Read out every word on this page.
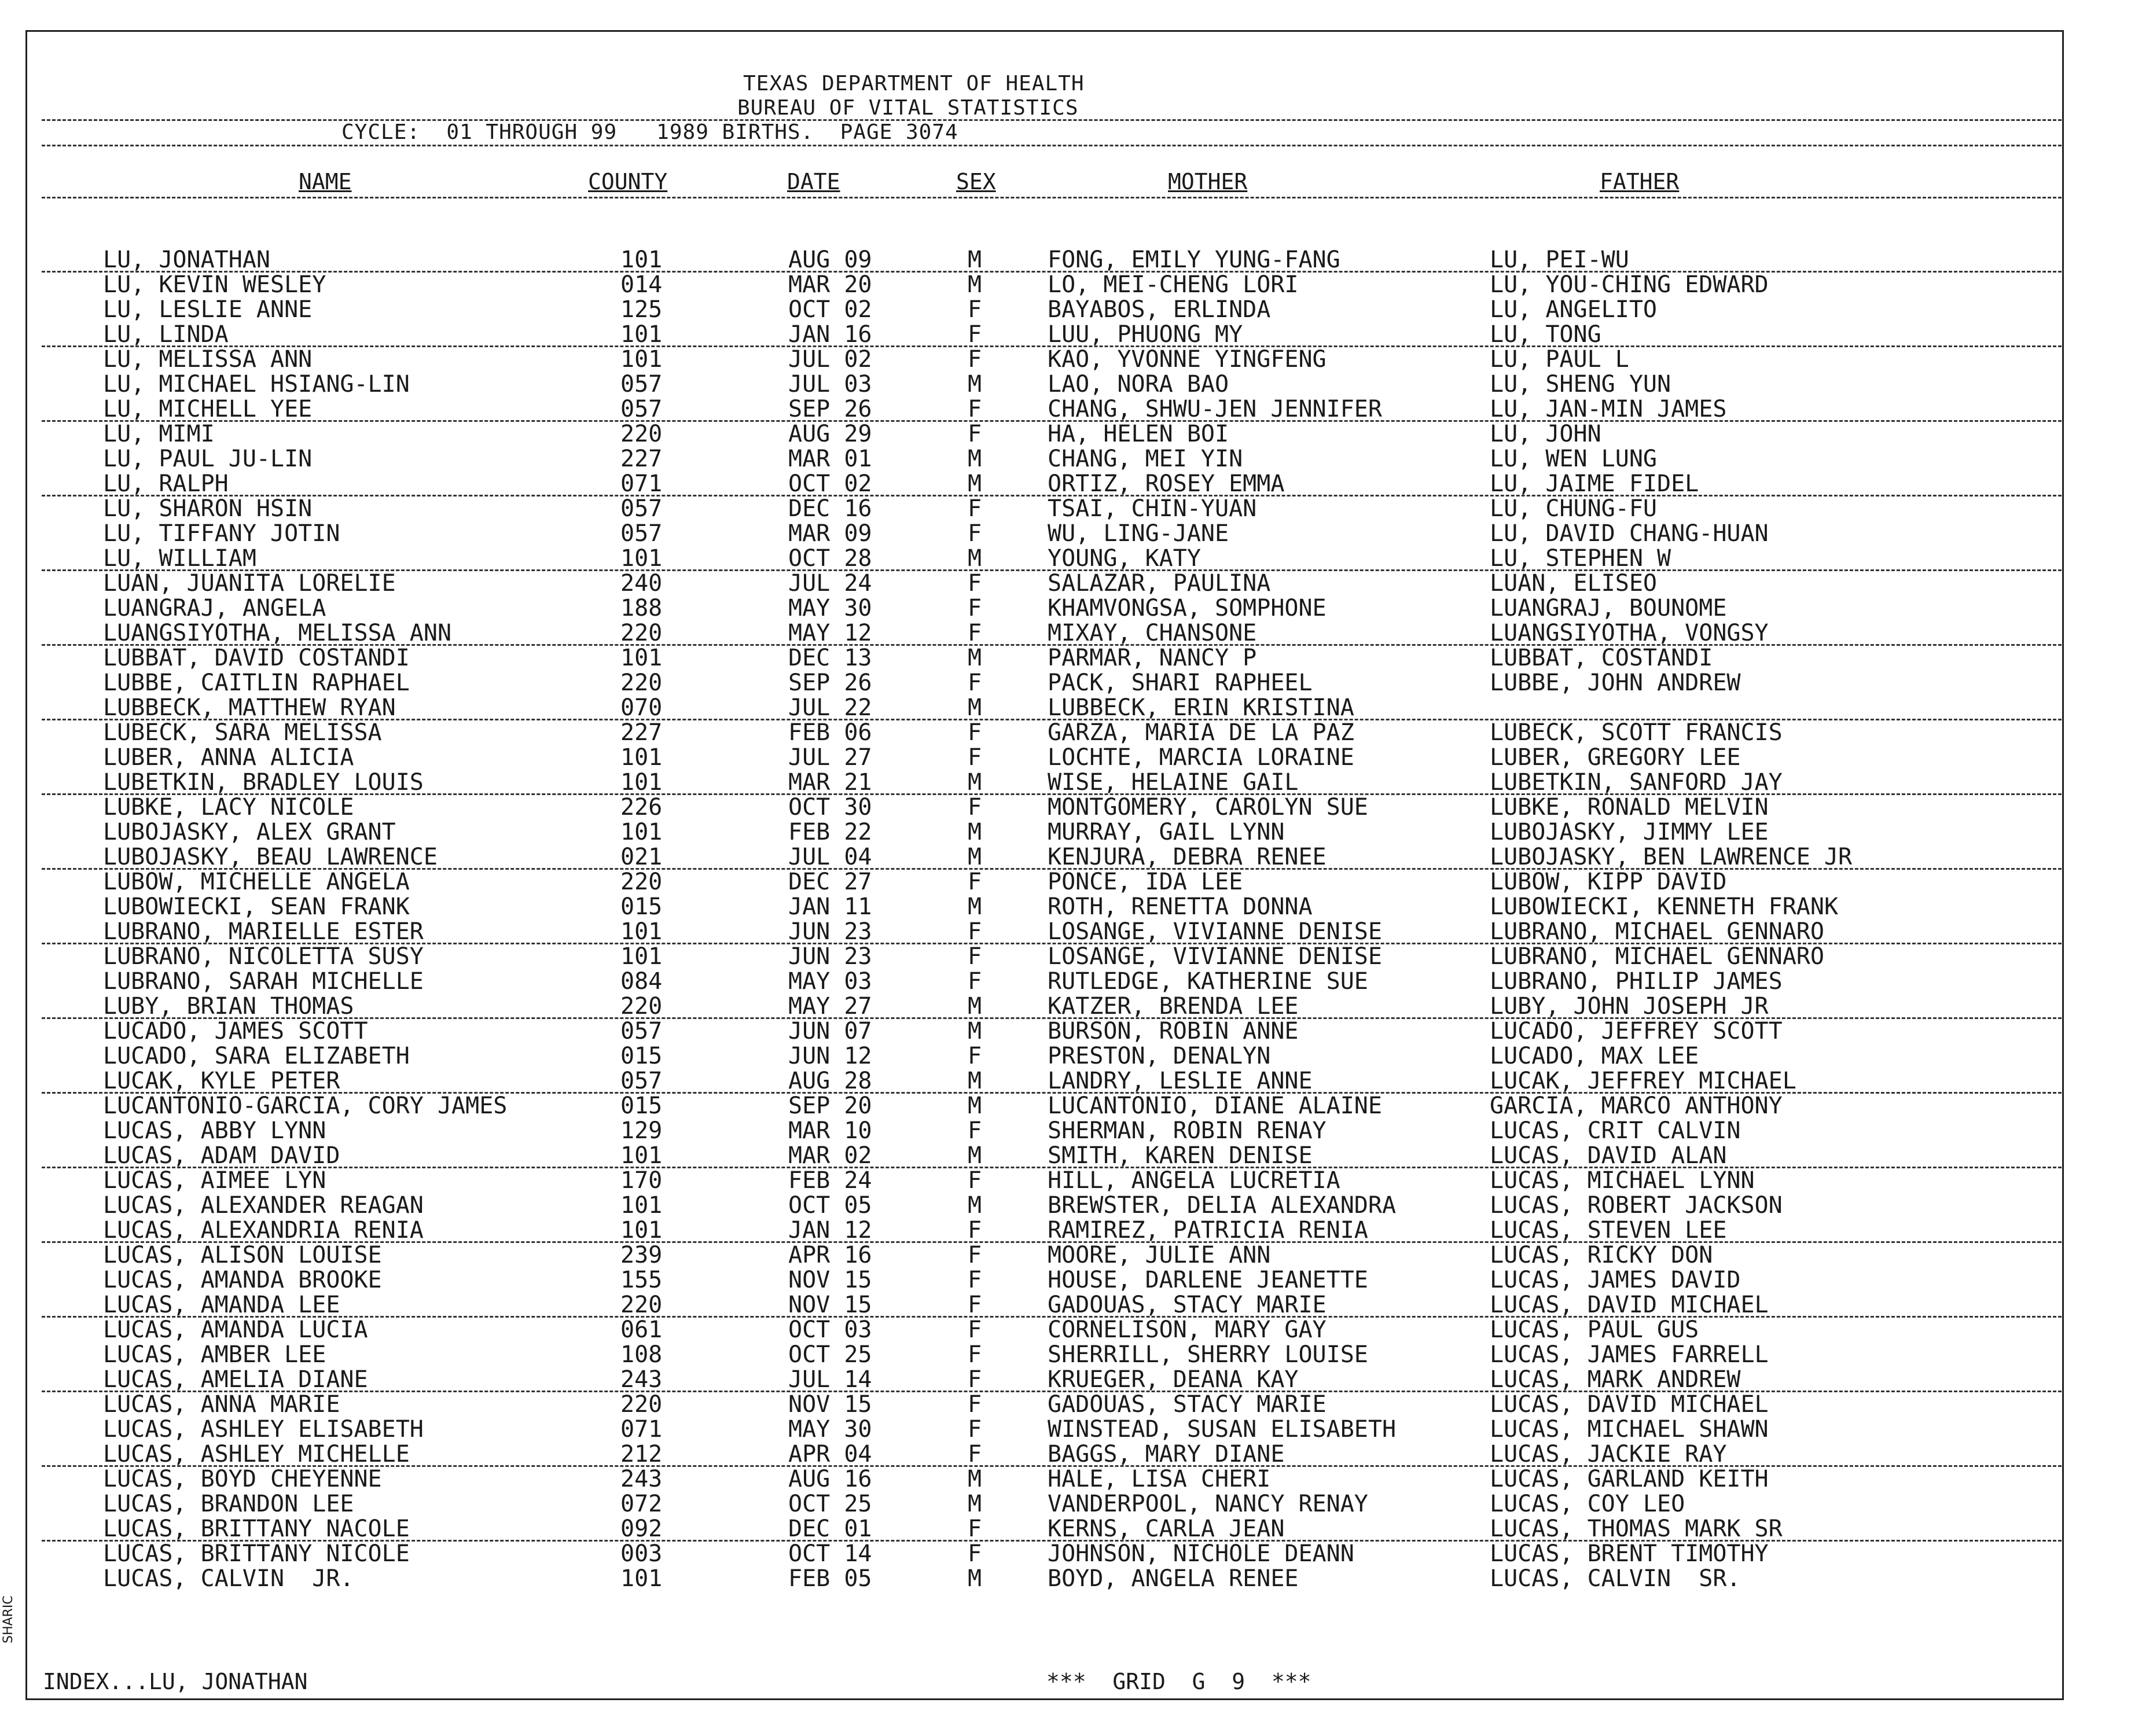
TEXAS DEPARTMENT OF HEALTH
BUREAU OF VITAL STATISTICS
CYCLE:  01 THROUGH 99   1989 BIRTHS.  PAGE 3074
NAME	COUNTY	DATE	SEX	MOTHER	FATHER
LU, JONATHAN	101	AUG 09	M	FONG, EMILY YUNG-FANG	LU, PEI-WU
LU, KEVIN WESLEY	014	MAR 20	M	LO, MEI-CHENG LORI	LU, YOU-CHING EDWARD
LU, LESLIE ANNE	125	OCT 02	F	BAYABOS, ERLINDA	LU, ANGELITO
LU, LINDA	101	JAN 16	F	LUU, PHUONG MY	LU, TONG
LU, MELISSA ANN	101	JUL 02	F	KAO, YVONNE YINGFENG	LU, PAUL L
LU, MICHAEL HSIANG-LIN	057	JUL 03	M	LAO, NORA BAO	LU, SHENG YUN
LU, MICHELL YEE	057	SEP 26	F	CHANG, SHWU-JEN JENNIFER	LU, JAN-MIN JAMES
LU, MIMI	220	AUG 29	F	HA, HELEN BOI	LU, JOHN
LU, PAUL JU-LIN	227	MAR 01	M	CHANG, MEI YIN	LU, WEN LUNG
LU, RALPH	071	OCT 02	M	ORTIZ, ROSEY EMMA	LU, JAIME FIDEL
LU, SHARON HSIN	057	DEC 16	F	TSAI, CHIN-YUAN	LU, CHUNG-FU
LU, TIFFANY JOTIN	057	MAR 09	F	WU, LING-JANE	LU, DAVID CHANG-HUAN
LU, WILLIAM	101	OCT 28	M	YOUNG, KATY	LU, STEPHEN W
LUAN, JUANITA LORELIE	240	JUL 24	F	SALAZAR, PAULINA	LUAN, ELISEO
LUANGRAJ, ANGELA	188	MAY 30	F	KHAMVONGSA, SOMPHONE	LUANGRAJ, BOUNOME
LUANGSIYOTHA, MELISSA ANN	220	MAY 12	F	MIXAY, CHANSONE	LUANGSIYOTHA, VONGSY
LUBBAT, DAVID COSTANDI	101	DEC 13	M	PARMAR, NANCY P	LUBBAT, COSTANDI
LUBBE, CAITLIN RAPHAEL	220	SEP 26	F	PACK, SHARI RAPHEEL	LUBBE, JOHN ANDREW
LUBBECK, MATTHEW RYAN	070	JUL 22	M	LUBBECK, ERIN KRISTINA
LUBECK, SARA MELISSA	227	FEB 06	F	GARZA, MARIA DE LA PAZ	LUBECK, SCOTT FRANCIS
LUBER, ANNA ALICIA	101	JUL 27	F	LOCHTE, MARCIA LORAINE	LUBER, GREGORY LEE
LUBETKIN, BRADLEY LOUIS	101	MAR 21	M	WISE, HELAINE GAIL	LUBETKIN, SANFORD JAY
LUBKE, LACY NICOLE	226	OCT 30	F	MONTGOMERY, CAROLYN SUE	LUBKE, RONALD MELVIN
LUBOJASKY, ALEX GRANT	101	FEB 22	M	MURRAY, GAIL LYNN	LUBOJASKY, JIMMY LEE
LUBOJASKY, BEAU LAWRENCE	021	JUL 04	M	KENJURA, DEBRA RENEE	LUBOJASKY, BEN LAWRENCE JR
LUBOW, MICHELLE ANGELA	220	DEC 27	F	PONCE, IDA LEE	LUBOW, KIPP DAVID
LUBOWIECKI, SEAN FRANK	015	JAN 11	M	ROTH, RENETTA DONNA	LUBOWIECKI, KENNETH FRANK
LUBRANO, MARIELLE ESTER	101	JUN 23	F	LOSANGE, VIVIANNE DENISE	LUBRANO, MICHAEL GENNARO
LUBRANO, NICOLETTA SUSY	101	JUN 23	F	LOSANGE, VIVIANNE DENISE	LUBRANO, MICHAEL GENNARO
LUBRANO, SARAH MICHELLE	084	MAY 03	F	RUTLEDGE, KATHERINE SUE	LUBRANO, PHILIP JAMES
LUBY, BRIAN THOMAS	220	MAY 27	M	KATZER, BRENDA LEE	LUBY, JOHN JOSEPH JR
LUCADO, JAMES SCOTT	057	JUN 07	M	BURSON, ROBIN ANNE	LUCADO, JEFFREY SCOTT
LUCADO, SARA ELIZABETH	015	JUN 12	F	PRESTON, DENALYN	LUCADO, MAX LEE
LUCAK, KYLE PETER	057	AUG 28	M	LANDRY, LESLIE ANNE	LUCAK, JEFFREY MICHAEL
LUCANTONIO-GARCIA, CORY JAMES	015	SEP 20	M	LUCANTONIO, DIANE ALAINE	GARCIA, MARCO ANTHONY
LUCAS, ABBY LYNN	129	MAR 10	F	SHERMAN, ROBIN RENAY	LUCAS, CRIT CALVIN
LUCAS, ADAM DAVID	101	MAR 02	M	SMITH, KAREN DENISE	LUCAS, DAVID ALAN
LUCAS, AIMEE LYN	170	FEB 24	F	HILL, ANGELA LUCRETIA	LUCAS, MICHAEL LYNN
LUCAS, ALEXANDER REAGAN	101	OCT 05	M	BREWSTER, DELIA ALEXANDRA	LUCAS, ROBERT JACKSON
LUCAS, ALEXANDRIA RENIA	101	JAN 12	F	RAMIREZ, PATRICIA RENIA	LUCAS, STEVEN LEE
LUCAS, ALISON LOUISE	239	APR 16	F	MOORE, JULIE ANN	LUCAS, RICKY DON
LUCAS, AMANDA BROOKE	155	NOV 15	F	HOUSE, DARLENE JEANETTE	LUCAS, JAMES DAVID
LUCAS, AMANDA LEE	220	NOV 15	F	GADOUAS, STACY MARIE	LUCAS, DAVID MICHAEL
LUCAS, AMANDA LUCIA	061	OCT 03	F	CORNELISON, MARY GAY	LUCAS, PAUL GUS
LUCAS, AMBER LEE	108	OCT 25	F	SHERRILL, SHERRY LOUISE	LUCAS, JAMES FARRELL
LUCAS, AMELIA DIANE	243	JUL 14	F	KRUEGER, DEANA KAY	LUCAS, MARK ANDREW
LUCAS, ANNA MARIE	220	NOV 15	F	GADOUAS, STACY MARIE	LUCAS, DAVID MICHAEL
LUCAS, ASHLEY ELISABETH	071	MAY 30	F	WINSTEAD, SUSAN ELISABETH	LUCAS, MICHAEL SHAWN
LUCAS, ASHLEY MICHELLE	212	APR 04	F	BAGGS, MARY DIANE	LUCAS, JACKIE RAY
LUCAS, BOYD CHEYENNE	243	AUG 16	M	HALE, LISA CHERI	LUCAS, GARLAND KEITH
LUCAS, BRANDON LEE	072	OCT 25	M	VANDERPOOL, NANCY RENAY	LUCAS, COY LEO
LUCAS, BRITTANY NACOLE	092	DEC 01	F	KERNS, CARLA JEAN	LUCAS, THOMAS MARK SR
LUCAS, BRITTANY NICOLE	003	OCT 14	F	JOHNSON, NICHOLE DEANN	LUCAS, BRENT TIMOTHY
LUCAS, CALVIN  JR.	101	FEB 05	M	BOYD, ANGELA RENEE	LUCAS, CALVIN  SR.
INDEX...LU, JONATHAN	***  GRID  G  9  ***
SHARIC
